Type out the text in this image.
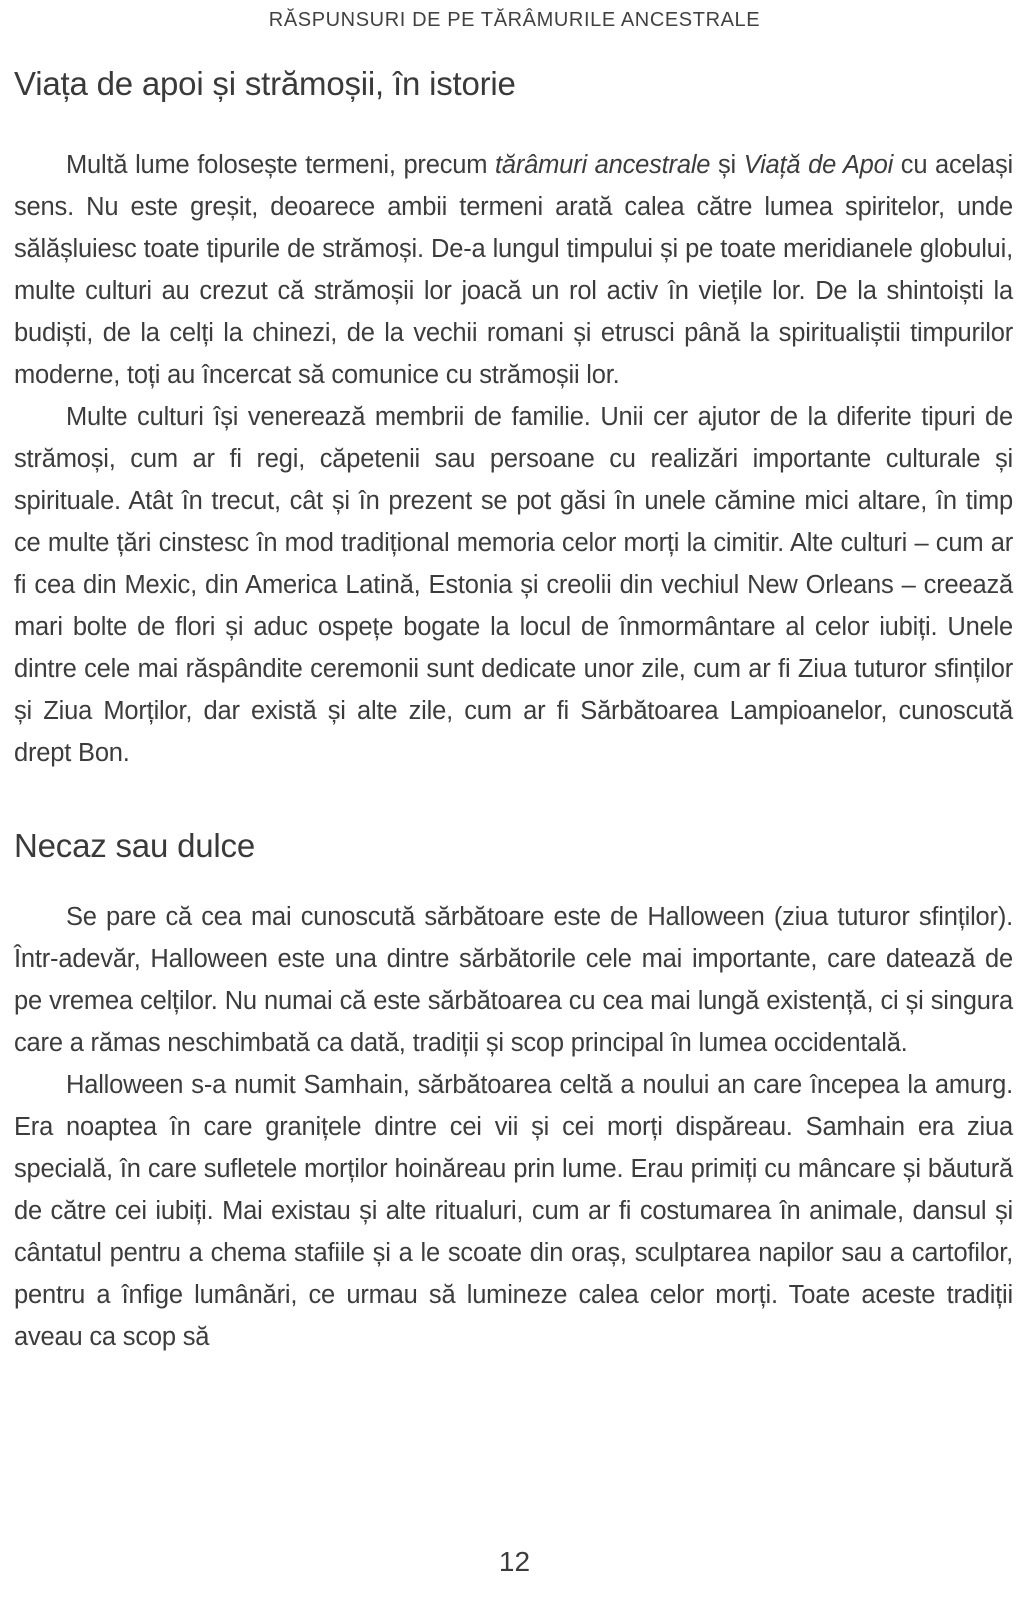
RĂSPUNSURI DE PE TĂRÂMURILE ANCESTRALE
Viața de apoi și strămoșii, în istorie

Multă lume folosește termeni, precum tărâmuri ancestrale și Viață de Apoi cu același sens. Nu este greșit, deoarece ambii termeni arată calea către lumea spiritelor, unde sălășluiesc toate tipurile de strămoși. De-a lungul timpului și pe toate meridianele globului, multe culturi au crezut că strămoșii lor joacă un rol activ în viețile lor. De la shintoiști la budiști, de la celți la chinezi, de la vechii romani și etrusci până la spiritualiștii timpurilor moderne, toți au încercat să comunice cu strămoșii lor.

Multe culturi își venerează membrii de familie. Unii cer ajutor de la diferite tipuri de strămoși, cum ar fi regi, căpetenii sau persoane cu realizări importante culturale și spirituale. Atât în trecut, cât și în prezent se pot găsi în unele cămine mici altare, în timp ce multe țări cinstesc în mod tradițional memoria celor morți la cimitir. Alte culturi – cum ar fi cea din Mexic, din America Latină, Estonia și creolii din vechiul New Orleans – creează mari bolte de flori și aduc ospețe bogate la locul de înmormântare al celor iubiți. Unele dintre cele mai răspândite ceremonii sunt dedicate unor zile, cum ar fi Ziua tuturor sfinților și Ziua Morților, dar există și alte zile, cum ar fi Sărbătoarea Lampioanelor, cunoscută drept Bon.

Necaz sau dulce

Se pare că cea mai cunoscută sărbătoare este de Halloween (ziua tuturor sfinților). Într-adevăr, Halloween este una dintre sărbătorile cele mai importante, care datează de pe vremea celților. Nu numai că este sărbătoarea cu cea mai lungă existență, ci și singura care a rămas neschimbată ca dată, tradiții și scop principal în lumea occidentală.

Halloween s-a numit Samhain, sărbătoarea celtă a noului an care începea la amurg. Era noaptea în care granițele dintre cei vii și cei morți dispăreau. Samhain era ziua specială, în care sufletele morților hoinăreau prin lume. Erau primiți cu mâncare și băutură de către cei iubiți. Mai existau și alte ritualuri, cum ar fi costumarea în animale, dansul și cântatul pentru a chema stafiile și a le scoate din oraș, sculptarea napilor sau a cartofilor, pentru a înfige lumânări, ce urmau să lumineze calea celor morți. Toate aceste tradiții aveau ca scop să

12
